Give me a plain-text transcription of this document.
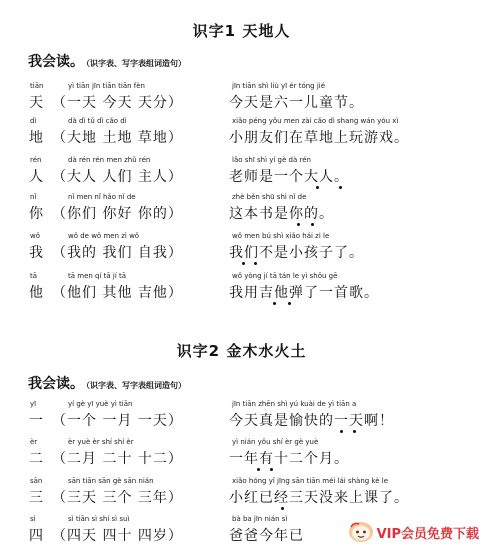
识字1 天地人
我会读。 （识字表、写字表组词造句）
tiān
天
yì tiān jīn tiān tiān fèn
（一天 今天 天分）
jīn tiān shì liù yī ér tóng jié
今天是六一儿童节。
dì
地
dà dì tǔ dì cǎo dì
（大地 土地 草地）
xiǎo péng yǒu men zài cǎo dì shang wán yóu xì
小朋友们在草地上玩游戏。
rén
人
dà rén rén men zhǔ rén
（大人 人们 主人）
lǎo shī shì yí gè dà rén
老师是一个大人。
nǐ
你
nǐ men nǐ hǎo nǐ de
（你们 你好 你的）
zhè běn shū shì nǐ de
这本书是你的。
wǒ
我
wǒ de wǒ men zì wǒ
（我的 我们 自我）
wǒ men bú shì xiǎo hái zi le
我们不是小孩子了。
tā
他
tā men qí tā jí tā
（他们 其他 吉他）
wǒ yòng jí tā tán le yì shǒu gē
我用吉他弹了一首歌。
识字2 金木水火土
我会读。 （识字表、写字表组词造句）
yī
一
yí gè yī yuè yì tiān
（一个 一月 一天）
jīn tiān zhēn shì yú kuài de yì tiān a
今天真是愉快的一天啊！
èr
二
èr yuè èr shí shí èr
（二月 二十 十二）
yì nián yǒu shí èr gè yuè
一年有十二个月。
sān
三
sān tiān sān gè sān nián
（三天 三个 三年）
xiǎo hóng yǐ jīng sān tiān méi lái shàng kè le
小红已经三天没来上课了。
sì
四
sì tiān sì shí sì suì
（四天 四十 四岁）
bà ba jīn nián sì
爸爸今年已	VIP会员免费下载
